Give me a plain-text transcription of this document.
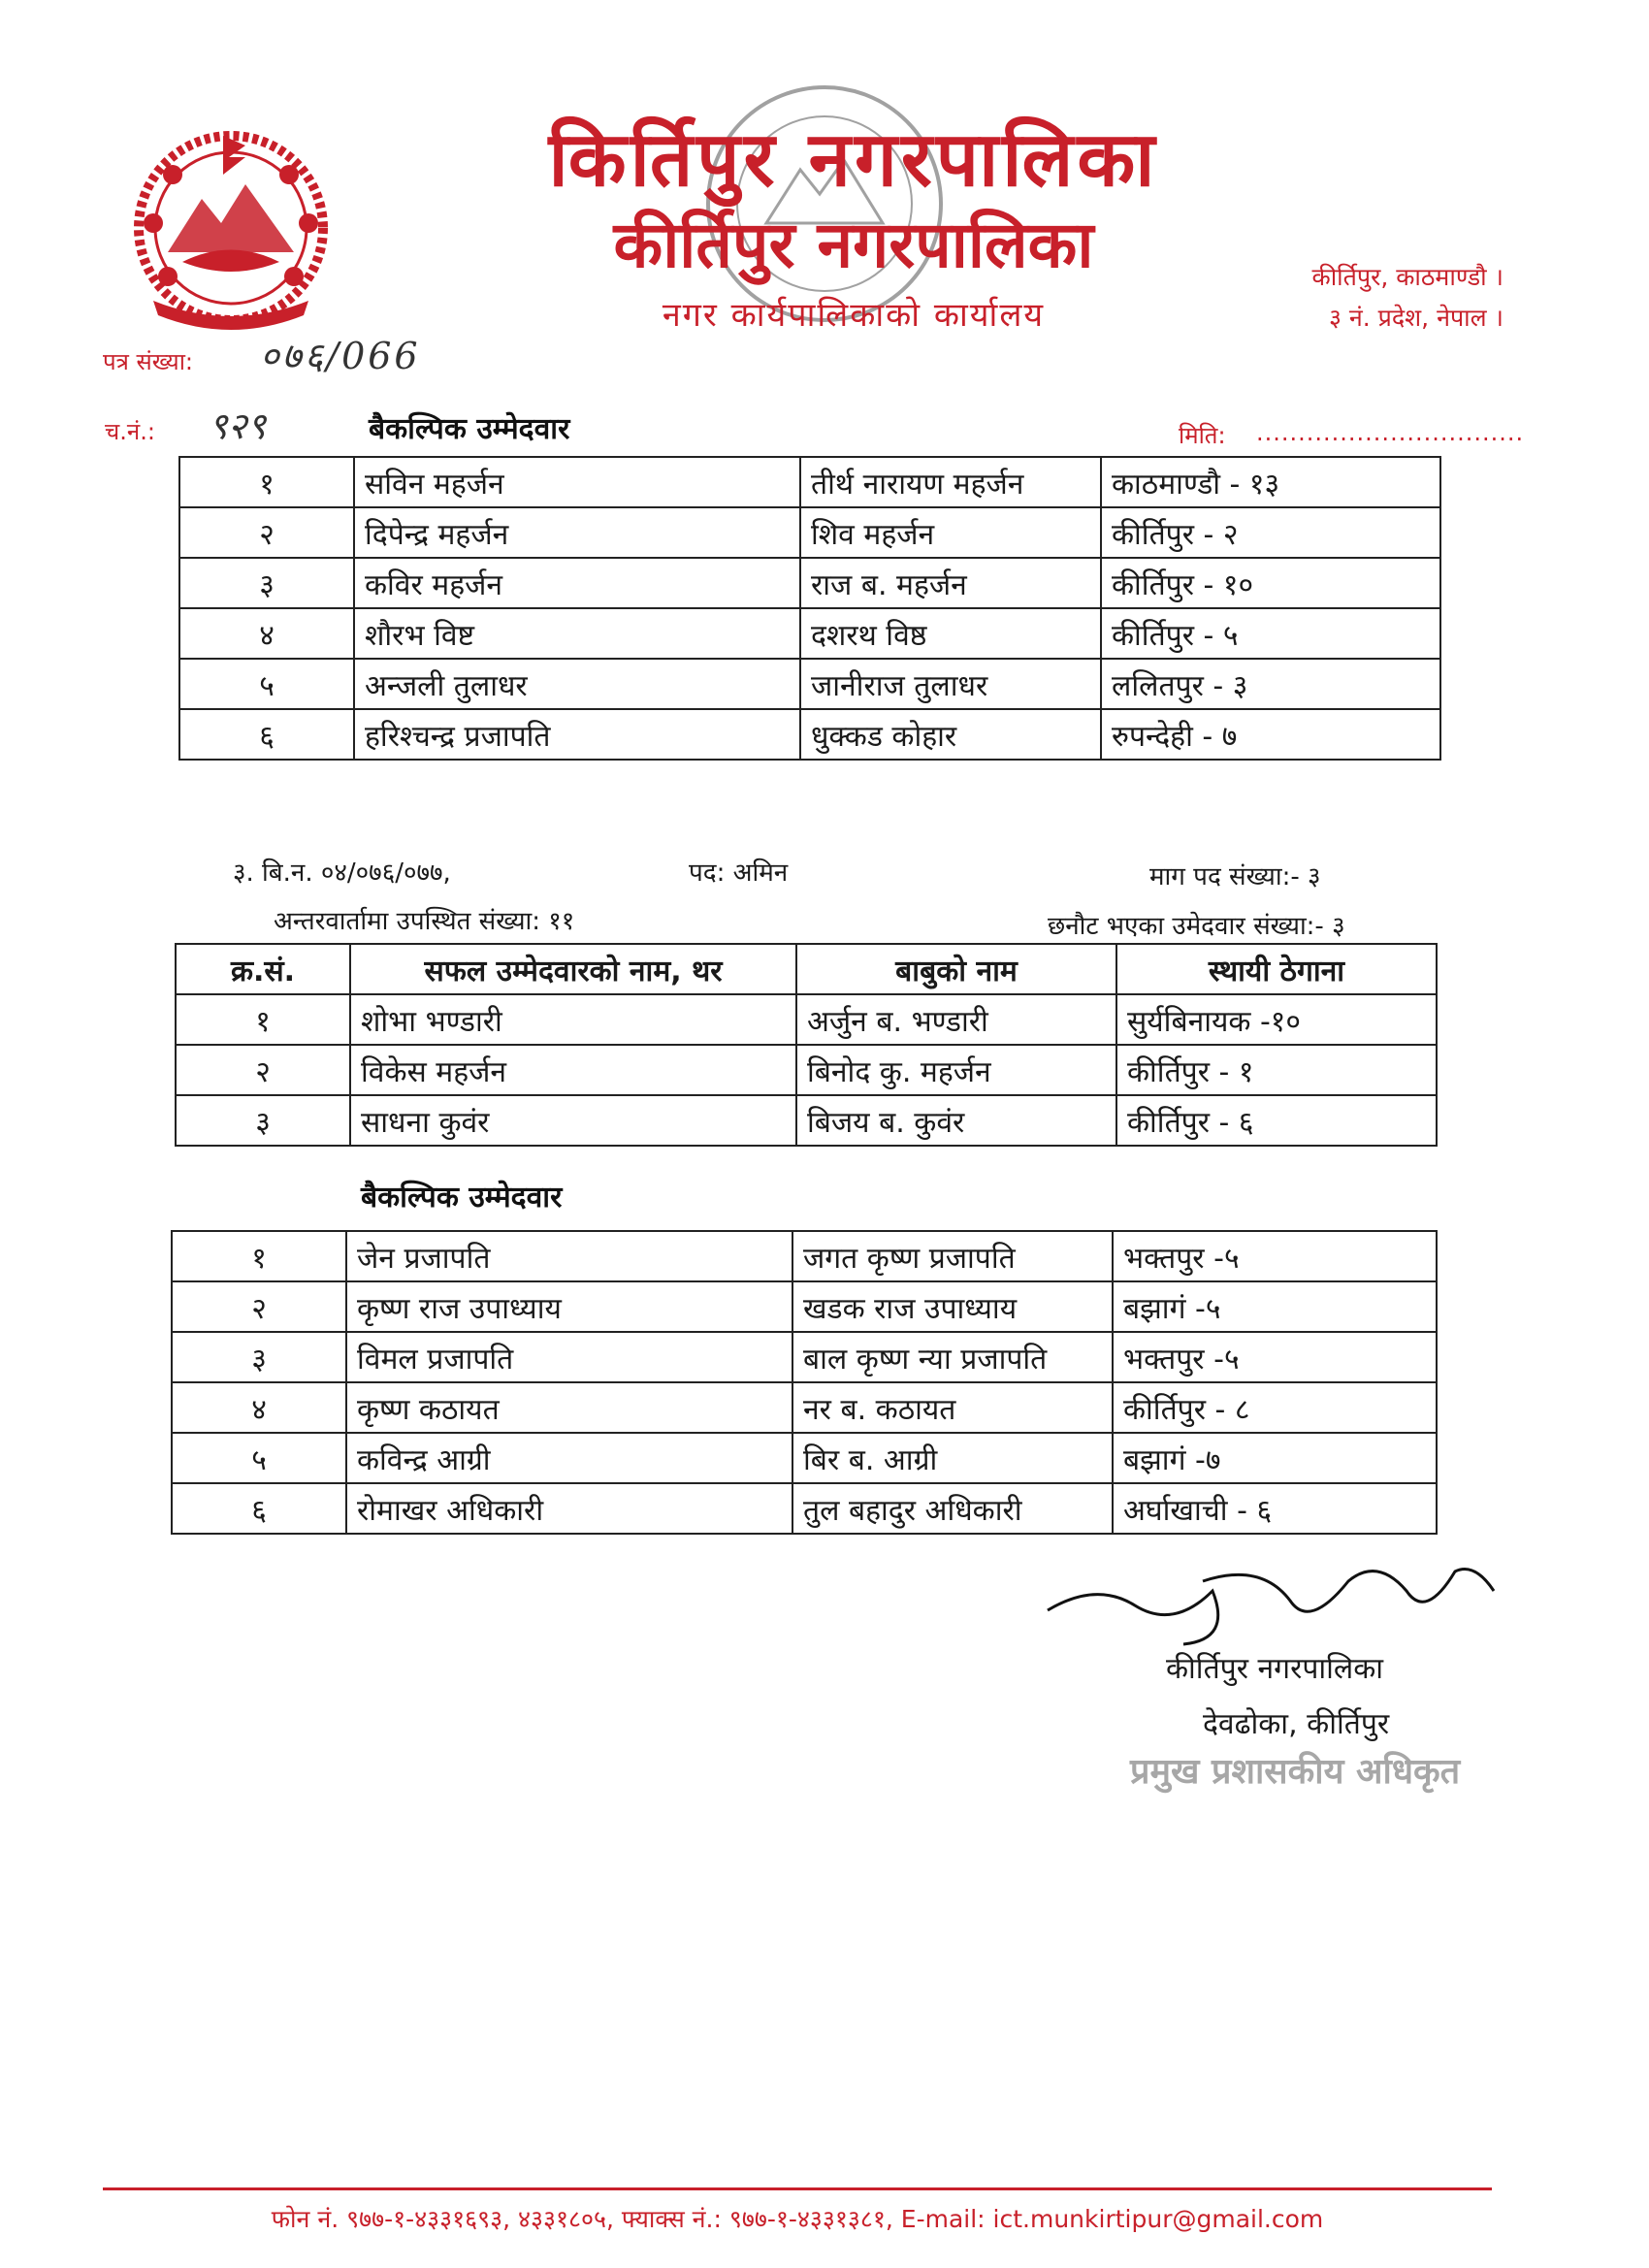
किर्तिपुर नगरपालिका
कीर्तिपुर नगरपालिका
नगर कार्यपालिकाको कार्यालय
कीर्तिपुर, काठमाण्डौ ।
३ नं. प्रदेश, नेपाल ।
पत्र संख्या: ०७६/066
च.नं.: ९२९	मिति: ................................
बैकल्पिक उम्मेदवार
१	सविन महर्जन	तीर्थ नारायण महर्जन	काठमाण्डौ - १३
२	दिपेन्द्र महर्जन	शिव महर्जन	कीर्तिपुर - २
३	कविर महर्जन	राज ब. महर्जन	कीर्तिपुर - १०
४	शौरभ विष्ट	दशरथ विष्ठ	कीर्तिपुर - ५
५	अन्जली तुलाधर	जानीराज तुलाधर	ललितपुर - ३
६	हरिश्चन्द्र प्रजापति	धुक्कड कोहार	रुपन्देही - ७
३. बि.न. ०४/०७६/०७७,	पद: अमिन	माग पद संख्या:- ३
अन्तरवार्तामा उपस्थित संख्या: ११	छनौट भएका उमेदवार संख्या:- ३
क्र.सं.	सफल उम्मेदवारको नाम, थर	बाबुको नाम	स्थायी ठेगाना
१	शोभा भण्डारी	अर्जुन ब. भण्डारी	सुर्यबिनायक -१०
२	विकेस महर्जन	बिनोद कु. महर्जन	कीर्तिपुर - १
३	साधना कुवंर	बिजय ब. कुवंर	कीर्तिपुर - ६
बैकल्पिक उम्मेदवार
१	जेन प्रजापति	जगत कृष्ण प्रजापति	भक्तपुर -५
२	कृष्ण राज उपाध्याय	खडक राज उपाध्याय	बझागं -५
३	विमल प्रजापति	बाल कृष्ण न्या प्रजापति	भक्तपुर -५
४	कृष्ण कठायत	नर ब. कठायत	कीर्तिपुर - ८
५	कविन्द्र आग्री	बिर ब. आग्री	बझागं -७
६	रोमाखर अधिकारी	तुल बहादुर अधिकारी	अर्घाखाची - ६
कीर्तिपुर नगरपालिका
देवढोका, कीर्तिपुर
प्रमुख प्रशासकीय अधिकृत
फोन नं. ९७७-१-४३३१६९३, ४३३१८०५, फ्याक्स नं.: ९७७-१-४३३१३८१, E-mail: ict.munkirtipur@gmail.com
